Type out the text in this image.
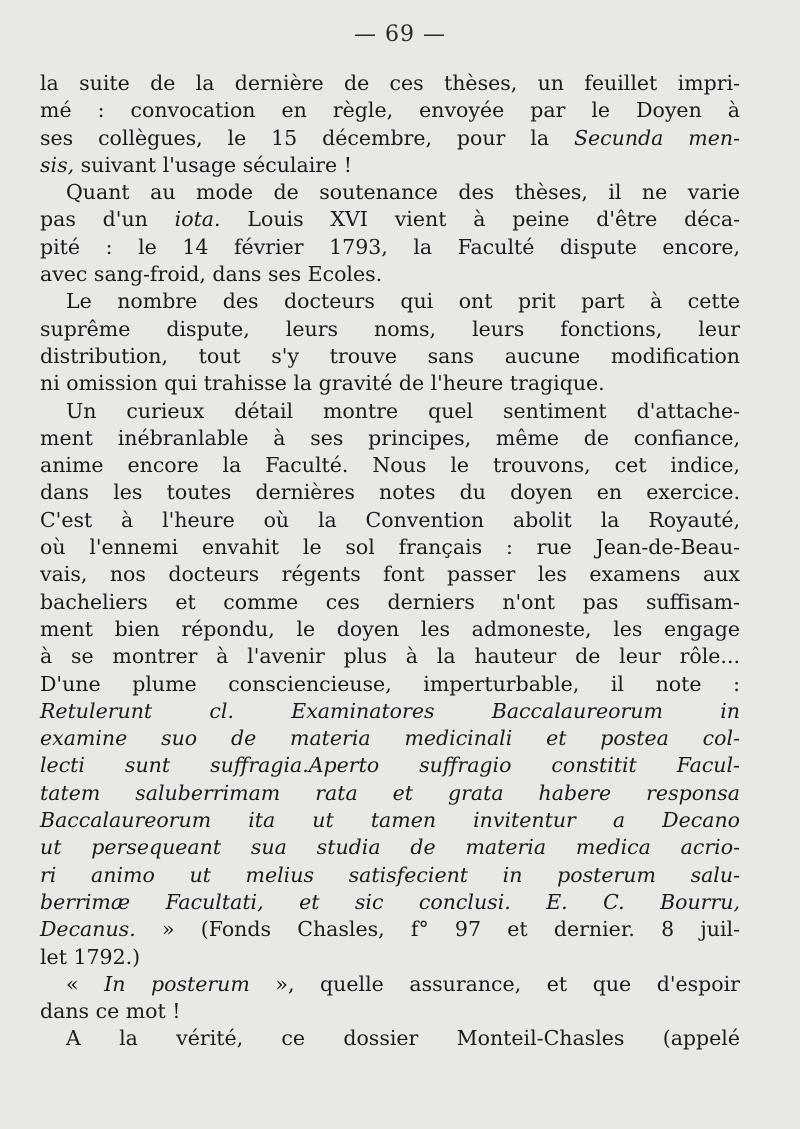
— 69 —
la suite de la dernière de ces thèses, un feuillet impri-
mé : convocation en règle, envoyée par le Doyen à
ses collègues, le 15 décembre, pour la Secunda men-
sis, suivant l'usage séculaire !
Quant au mode de soutenance des thèses, il ne varie
pas d'un iota. Louis XVI vient à peine d'être déca-
pité : le 14 février 1793, la Faculté dispute encore,
avec sang-froid, dans ses Ecoles.
Le nombre des docteurs qui ont prit part à cette
suprême dispute, leurs noms, leurs fonctions, leur
distribution, tout s'y trouve sans aucune modification
ni omission qui trahisse la gravité de l'heure tragique.
Un curieux détail montre quel sentiment d'attache-
ment inébranlable à ses principes, même de confiance,
anime encore la Faculté. Nous le trouvons, cet indice,
dans les toutes dernières notes du doyen en exercice.
C'est à l'heure où la Convention abolit la Royauté,
où l'ennemi envahit le sol français : rue Jean-de-Beau-
vais, nos docteurs régents font passer les examens aux
bacheliers et comme ces derniers n'ont pas suffisam-
ment bien répondu, le doyen les admoneste, les engage
à se montrer à l'avenir plus à la hauteur de leur rôle...
D'une plume consciencieuse, imperturbable, il note :
Retulerunt cl. Examinatores Baccalaureorum in
examine suo de materia medicinali et postea col-
lecti sunt suffragia.Aperto suffragio constitit Facul-
tatem saluberrimam rata et grata habere responsa
Baccalaureorum ita ut tamen invitentur a Decano
ut persequeant sua studia de materia medica acrio-
ri animo ut melius satisfecient in posterum salu-
berrimæ Facultati, et sic conclusi. E. C. Bourru,
Decanus. » (Fonds Chasles, f° 97 et dernier. 8 juil-
let 1792.)
« In posterum », quelle assurance, et que d'espoir
dans ce mot !
A la vérité, ce dossier Monteil-Chasles (appelé
